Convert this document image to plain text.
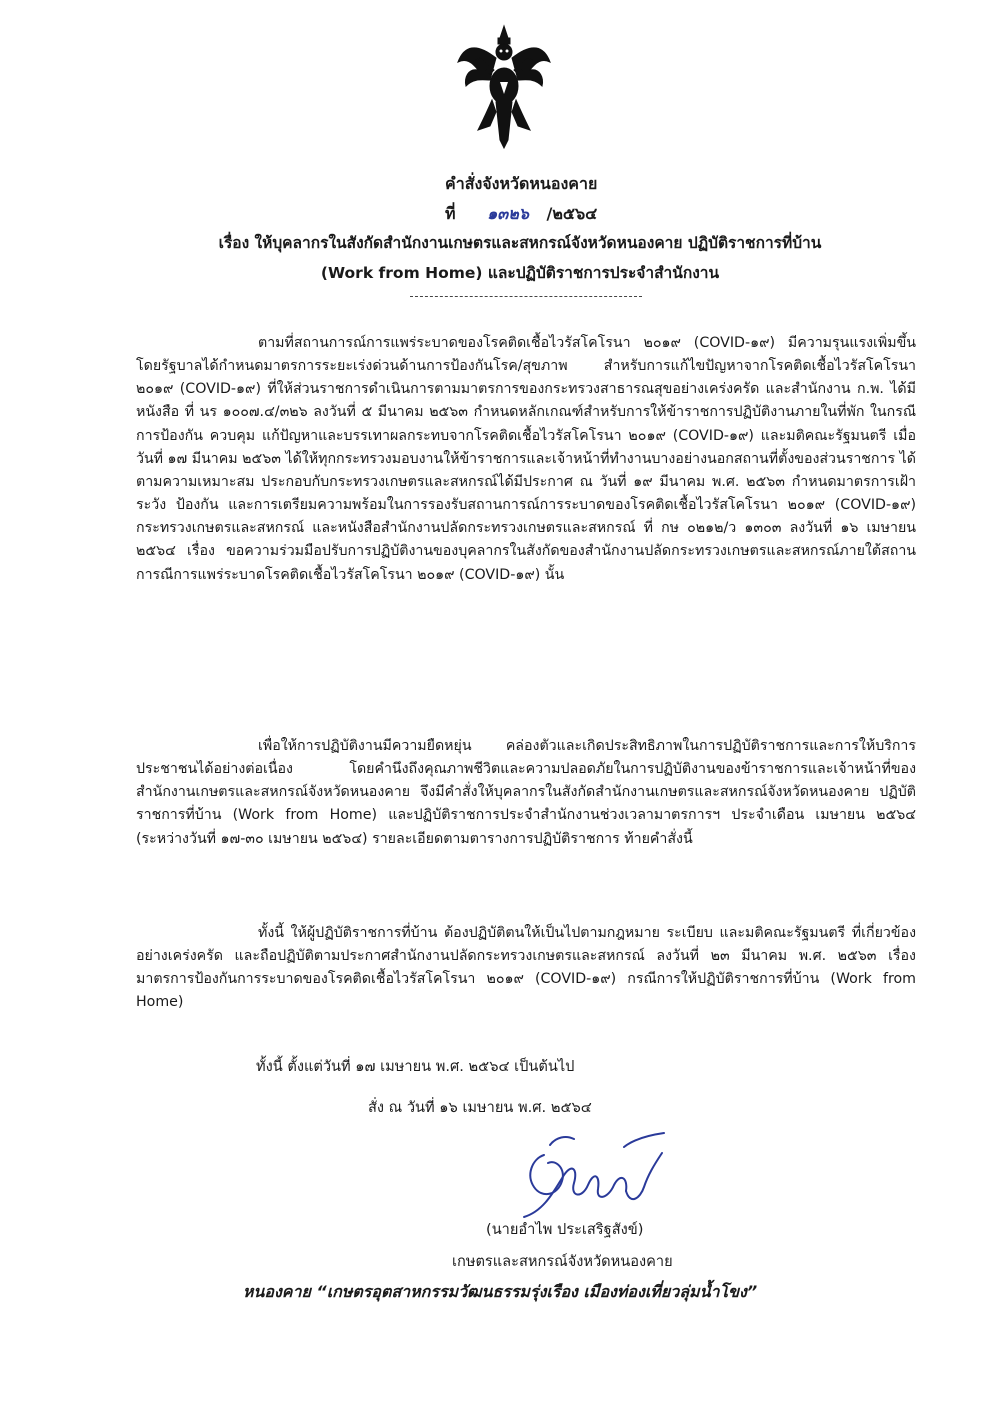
คำสั่งจังหวัดหนองคาย
ที่ ๑๓๒๖ /๒๕๖๔
เรื่อง ให้บุคลากรในสังกัดสำนักงานเกษตรและสหกรณ์จังหวัดหนองคาย ปฏิบัติราชการที่บ้าน
(Work from Home) และปฏิบัติราชการประจำสำนักงาน

ตามที่สถานการณ์การแพร่ระบาดของโรคติดเชื้อไวรัสโคโรนา ๒๐๑๙ (COVID-๑๙) มีความรุนแรงเพิ่มขึ้น โดยรัฐบาลได้กำหนดมาตรการระยะเร่งด่วนด้านการป้องกันโรค/สุขภาพ สำหรับการแก้ไขปัญหาจากโรคติดเชื้อไวรัสโคโรนา ๒๐๑๙ (COVID-๑๙) ที่ให้ส่วนราชการดำเนินการตามมาตรการของกระทรวงสาธารณสุขอย่างเคร่งครัด และสำนักงาน ก.พ. ได้มีหนังสือ ที่ นร ๑๐๐๗.๔/๓๒๖ ลงวันที่ ๕ มีนาคม ๒๕๖๓ กำหนดหลักเกณฑ์สำหรับการให้ข้าราชการปฏิบัติงานภายในที่พัก ในกรณี การป้องกัน ควบคุม แก้ปัญหาและบรรเทาผลกระทบจากโรคติดเชื้อไวรัสโคโรนา ๒๐๑๙ (COVID-๑๙) และมติคณะรัฐมนตรี เมื่อวันที่ ๑๗ มีนาคม ๒๕๖๓ ได้ให้ทุกกระทรวงมอบงานให้ข้าราชการและเจ้าหน้าที่ทำงานบางอย่างนอกสถานที่ตั้งของส่วนราชการ ได้ตามความเหมาะสม ประกอบกับกระทรวงเกษตรและสหกรณ์ได้มีประกาศ ณ วันที่ ๑๙ มีนาคม พ.ศ. ๒๕๖๓ กำหนดมาตรการเฝ้าระวัง ป้องกัน และการเตรียมความพร้อมในการรองรับสถานการณ์การระบาดของโรคติดเชื้อไวรัสโคโรนา ๒๐๑๙ (COVID-๑๙) กระทรวงเกษตรและสหกรณ์ และหนังสือสำนักงานปลัดกระทรวงเกษตรและสหกรณ์ ที่ กษ ๐๒๑๒/ว ๑๓๐๓ ลงวันที่ ๑๖ เมษายน ๒๕๖๔ เรื่อง ขอความร่วมมือปรับการปฏิบัติงานของบุคลากรในสังกัดของสำนักงานปลัดกระทรวงเกษตรและสหกรณ์ภายใต้สถานการณีการแพร่ระบาดโรคติดเชื้อไวรัสโคโรนา ๒๐๑๙ (COVID-๑๙) นั้น

เพื่อให้การปฏิบัติงานมีความยืดหยุ่น คล่องตัวและเกิดประสิทธิภาพในการปฏิบัติราชการและการให้บริการประชาชนได้อย่างต่อเนื่อง โดยคำนึงถึงคุณภาพชีวิตและความปลอดภัยในการปฏิบัติงานของข้าราชการและเจ้าหน้าที่ของสำนักงานเกษตรและสหกรณ์จังหวัดหนองคาย จึงมีคำสั่งให้บุคลากรในสังกัดสำนักงานเกษตรและสหกรณ์จังหวัดหนองคาย ปฏิบัติราชการที่บ้าน (Work from Home) และปฏิบัติราชการประจำสำนักงานช่วงเวลามาตรการฯ ประจำเดือน เมษายน ๒๕๖๔ (ระหว่างวันที่ ๑๗-๓๐ เมษายน ๒๕๖๔) รายละเอียดตามตารางการปฏิบัติราชการ ท้ายคำสั่งนี้

ทั้งนี้ ให้ผู้ปฏิบัติราชการที่บ้าน ต้องปฏิบัติตนให้เป็นไปตามกฎหมาย ระเบียบ และมติคณะรัฐมนตรี ที่เกี่ยวข้อง อย่างเคร่งครัด และถือปฏิบัติตามประกาศสำนักงานปลัดกระทรวงเกษตรและสหกรณ์ ลงวันที่ ๒๓ มีนาคม พ.ศ. ๒๕๖๓ เรื่อง มาตรการป้องกันการระบาดของโรคติดเชื้อไวรัสโคโรนา ๒๐๑๙ (COVID-๑๙) กรณีการให้ปฏิบัติราชการที่บ้าน (Work from Home)

ทั้งนี้ ตั้งแต่วันที่ ๑๗ เมษายน พ.ศ. ๒๕๖๔ เป็นต้นไป
สั่ง ณ วันที่ ๑๖ เมษายน พ.ศ. ๒๕๖๔
(นายอำไพ ประเสริฐสังข์)
เกษตรและสหกรณ์จังหวัดหนองคาย
หนองคาย “เกษตรอุตสาหกรรมวัฒนธรรมรุ่งเรือง เมืองท่องเที่ยวลุ่มน้ำโขง”
